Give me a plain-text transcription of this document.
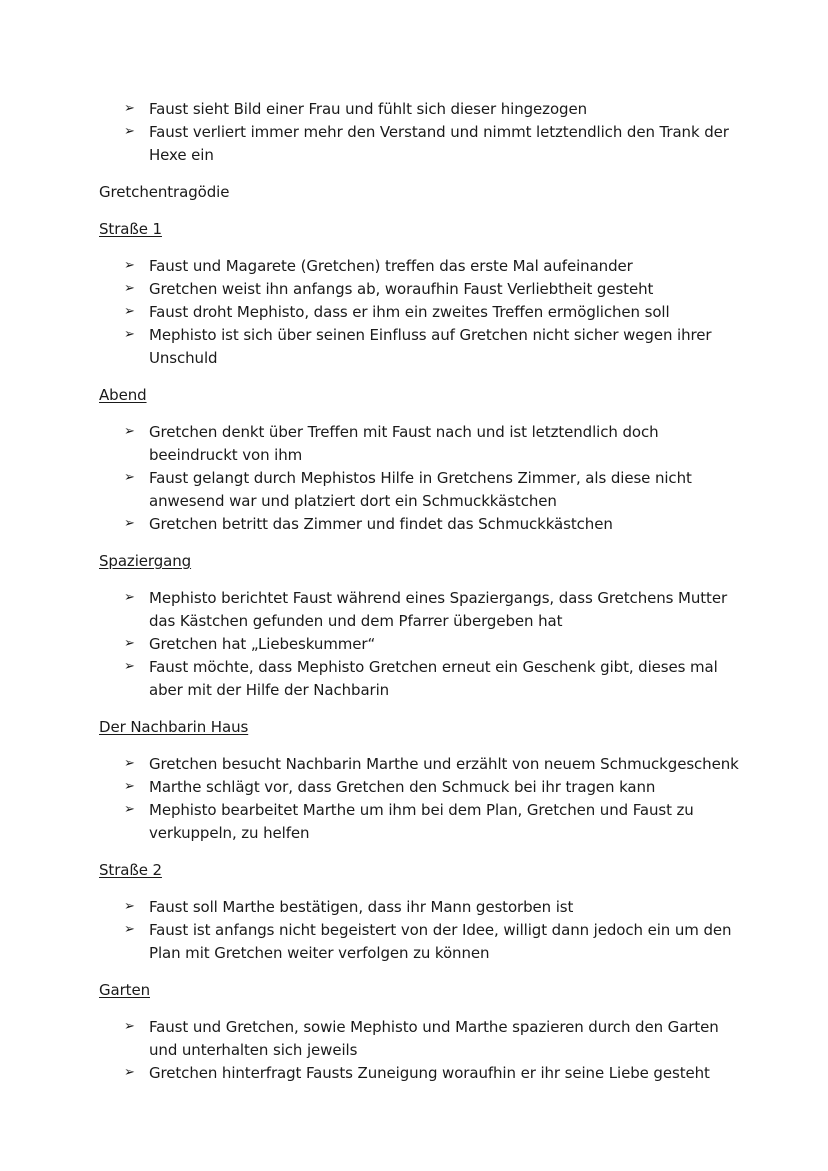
➢ Faust sieht Bild einer Frau und fühlt sich dieser hingezogen
➢ Faust verliert immer mehr den Verstand und nimmt letztendlich den Trank der
Hexe ein
Gretchentragödie
Straße 1
➢ Faust und Magarete (Gretchen) treffen das erste Mal aufeinander
➢ Gretchen weist ihn anfangs ab, woraufhin Faust Verliebtheit gesteht
➢ Faust droht Mephisto, dass er ihm ein zweites Treffen ermöglichen soll
➢ Mephisto ist sich über seinen Einfluss auf Gretchen nicht sicher wegen ihrer
Unschuld
Abend
➢ Gretchen denkt über Treffen mit Faust nach und ist letztendlich doch
beeindruckt von ihm
➢ Faust gelangt durch Mephistos Hilfe in Gretchens Zimmer, als diese nicht
anwesend war und platziert dort ein Schmuckkästchen
➢ Gretchen betritt das Zimmer und findet das Schmuckkästchen
Spaziergang
➢ Mephisto berichtet Faust während eines Spaziergangs, dass Gretchens Mutter
das Kästchen gefunden und dem Pfarrer übergeben hat
➢ Gretchen hat „Liebeskummer“
➢ Faust möchte, dass Mephisto Gretchen erneut ein Geschenk gibt, dieses mal
aber mit der Hilfe der Nachbarin
Der Nachbarin Haus
➢ Gretchen besucht Nachbarin Marthe und erzählt von neuem Schmuckgeschenk
➢ Marthe schlägt vor, dass Gretchen den Schmuck bei ihr tragen kann
➢ Mephisto bearbeitet Marthe um ihm bei dem Plan, Gretchen und Faust zu
verkuppeln, zu helfen
Straße 2
➢ Faust soll Marthe bestätigen, dass ihr Mann gestorben ist
➢ Faust ist anfangs nicht begeistert von der Idee, willigt dann jedoch ein um den
Plan mit Gretchen weiter verfolgen zu können
Garten
➢ Faust und Gretchen, sowie Mephisto und Marthe spazieren durch den Garten
und unterhalten sich jeweils
➢ Gretchen hinterfragt Fausts Zuneigung woraufhin er ihr seine Liebe gesteht
